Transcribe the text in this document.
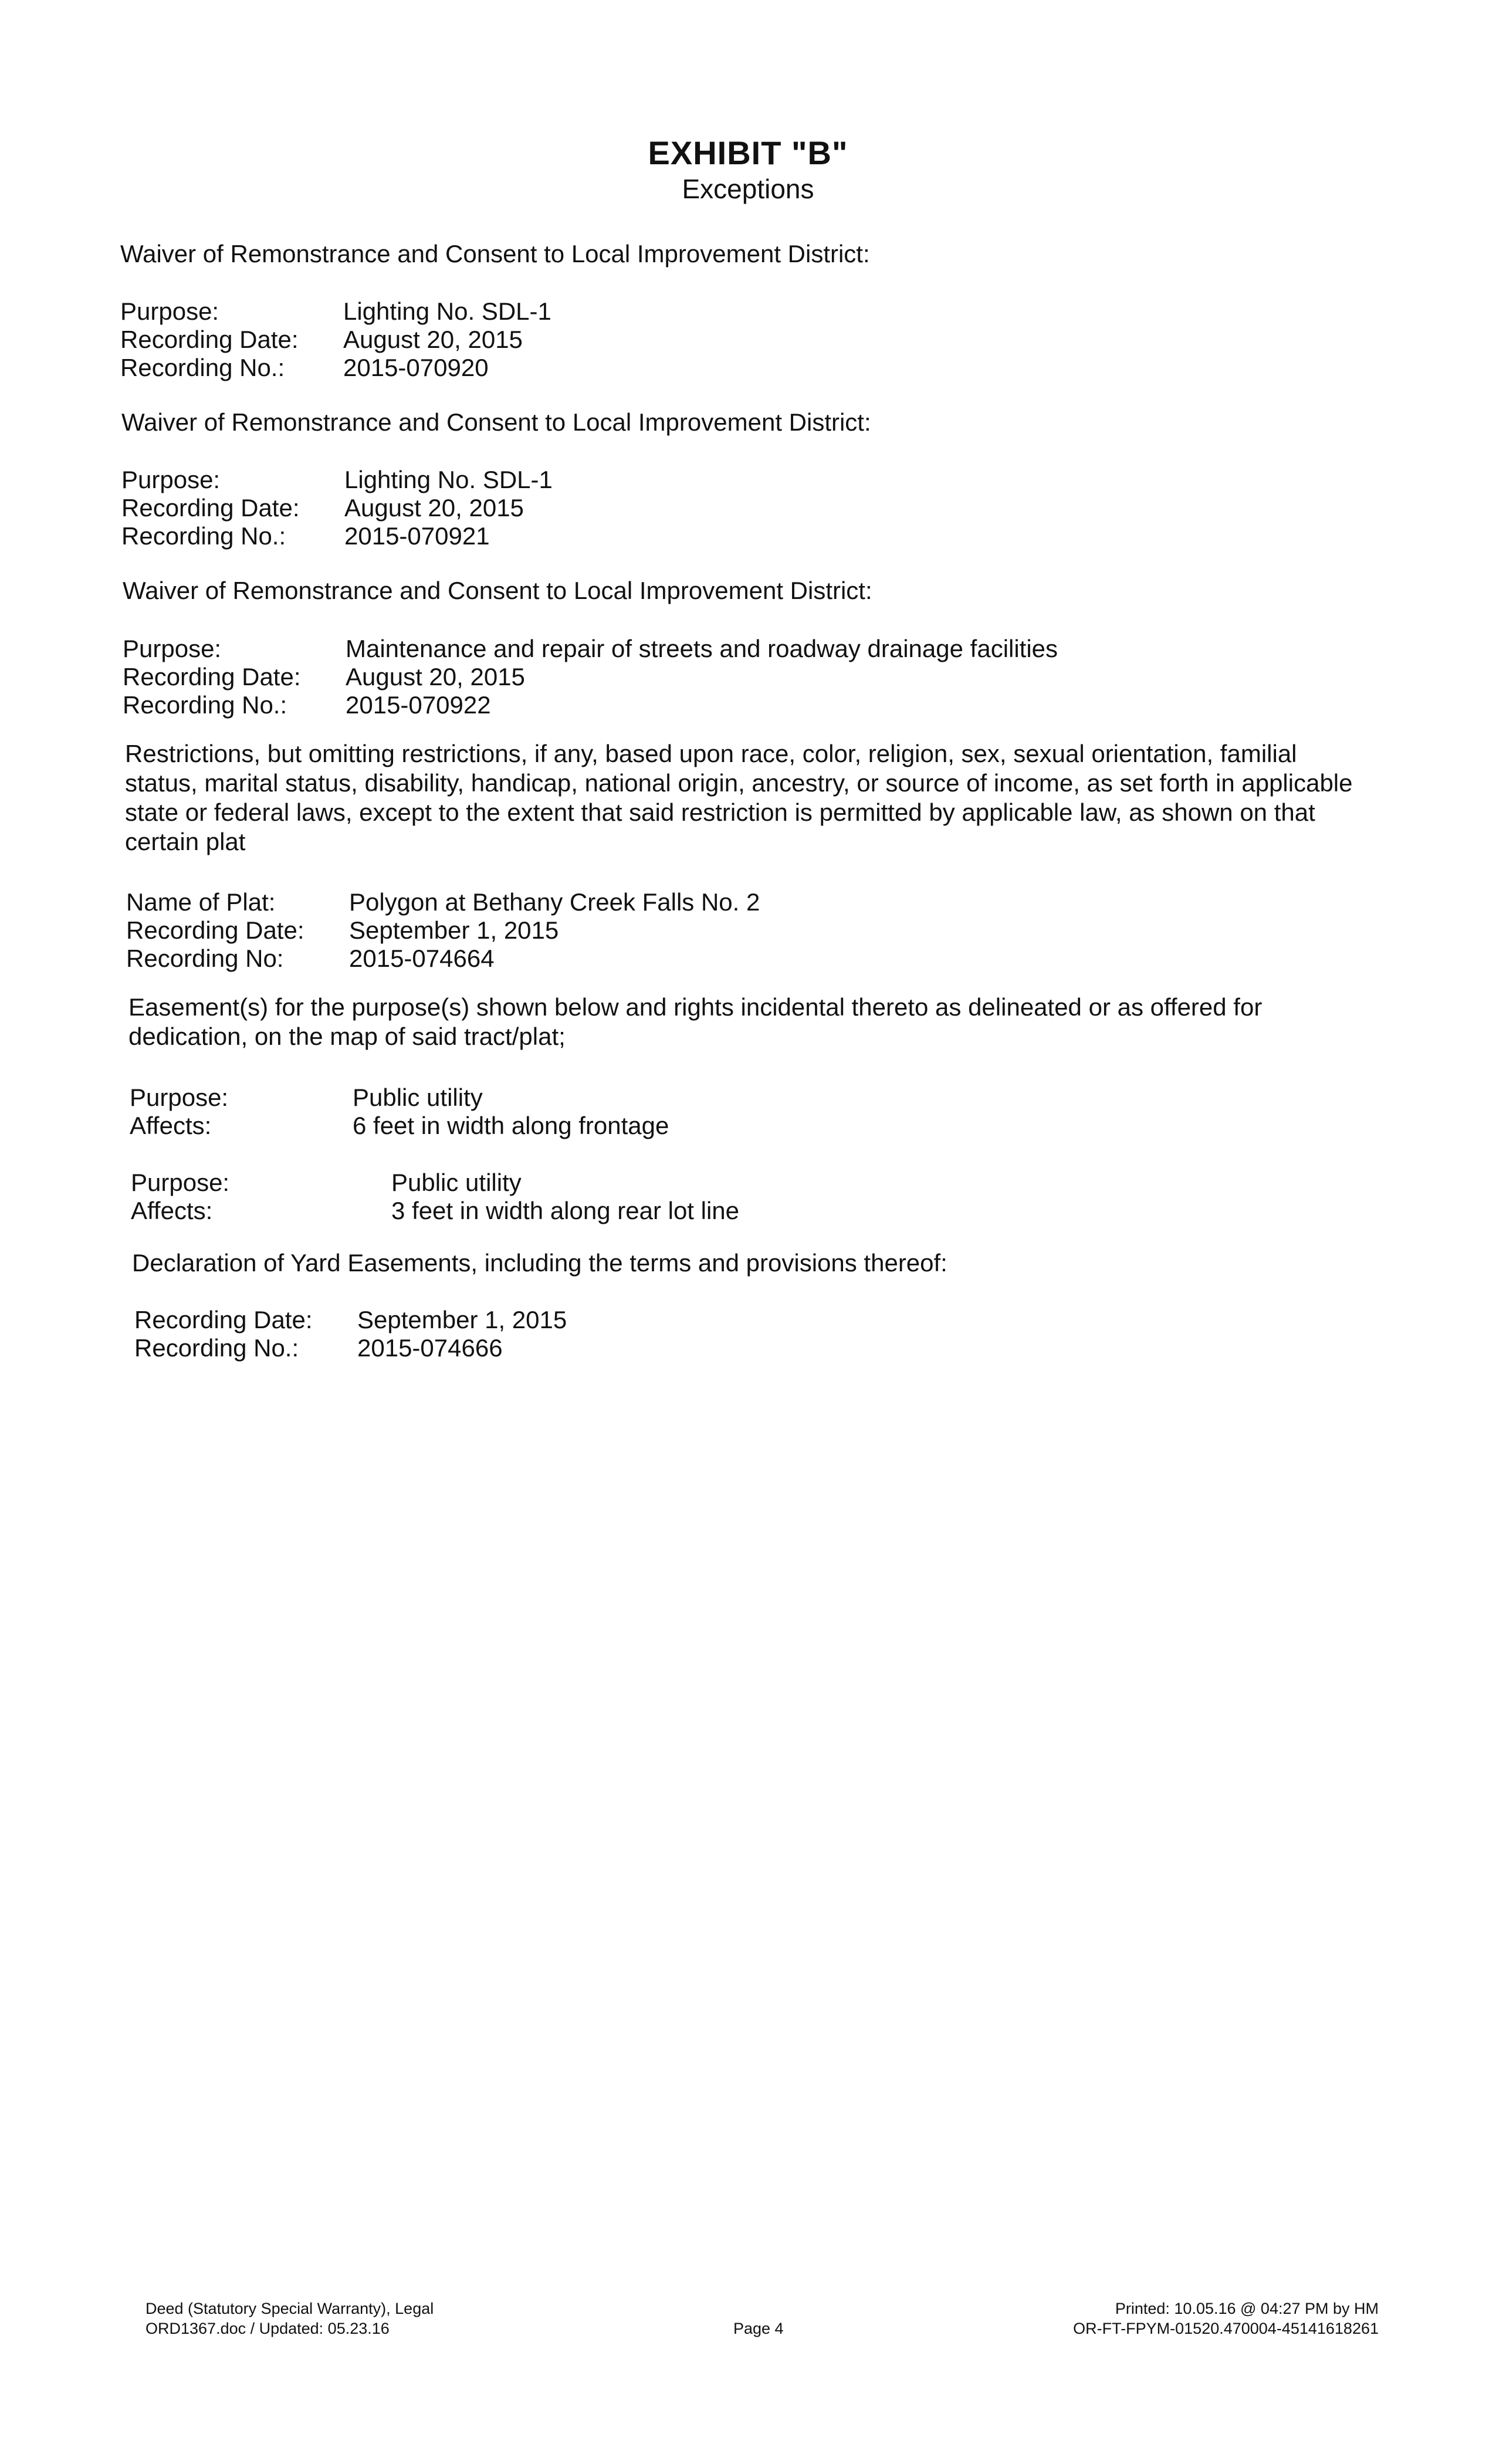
EXHIBIT "B"
Exceptions
Waiver of Remonstrance and Consent to Local Improvement District:
Purpose:	Lighting No. SDL-1
Recording Date: August 20, 2015
Recording No.: 2015-070920
Waiver of Remonstrance and Consent to Local Improvement District:
Purpose:	Lighting No. SDL-1
Recording Date: August 20, 2015
Recording No.: 2015-070921
Waiver of Remonstrance and Consent to Local Improvement District:
Purpose:	Maintenance and repair of streets and roadway drainage facilities
Recording Date: August 20, 2015
Recording No.: 2015-070922
Restrictions, but omitting restrictions, if any, based upon race, color, religion, sex, sexual orientation, familial status, marital status, disability, handicap, national origin, ancestry, or source of income, as set forth in applicable state or federal laws, except to the extent that said restriction is permitted by applicable law, as shown on that certain plat
Name of Plat:	Polygon at Bethany Creek Falls No. 2
Recording Date: September 1, 2015
Recording No:	2015-074664
Easement(s) for the purpose(s) shown below and rights incidental thereto as delineated or as offered for dedication, on the map of said tract/plat;
Purpose:	Public utility
Affects:	6 feet in width along frontage
Purpose:	Public utility
Affects:	3 feet in width along rear lot line
Declaration of Yard Easements, including the terms and provisions thereof:
Recording Date: September 1, 2015
Recording No.: 2015-074666
Deed (Statutory Special Warranty), Legal
ORD1367.doc / Updated: 05.23.16	Page 4
Printed: 10.05.16 @ 04:27 PM by HM
OR-FT-FPYM-01520.470004-45141618261
